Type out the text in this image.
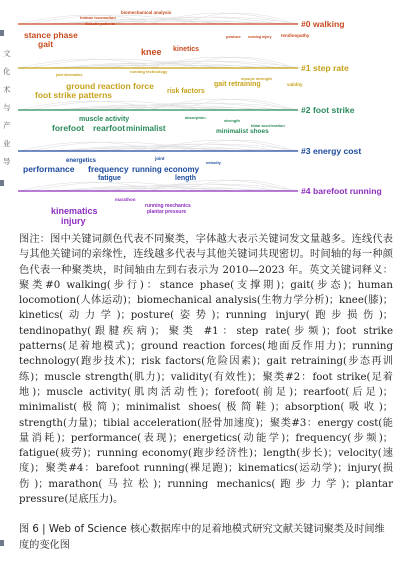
文
化
术
与
产
业
导
#0 walking
#1 step rate
#2 foot strike
#3 energy cost
#4 barefoot running
human locomotion
biomechanical analysis
stance phase
gait
diabetic patients
knee kinetics
posture running injury tendinopathy
joint kinematics
running technology
muscle strength
ground reaction force
risk factors
gait retraining	validity
foot strike patterns
absorption
strength
muscle activity
tibial acceleration
forefoot rearfoot minimalist	minimalist shoes
energetics	joint
velocity
performance frequency running economy
fatigue	length
marathon
running mechanics
plantar pressure
kinematics
injury
图注：图中关键词颜色代表不同聚类，字体越大表示关键词发文量越多。连线代表与其他关键词的亲缘性，连线越多代表与其他关键词共现密切。时间轴的每一种颜色代表一种聚类块，时间轴由左到右表示为 2010—2023 年。英文关键词释义：聚类#0 walking(步行)：stance phase(支撑期)；gait(步态)；human locomotion(人体运动)；biomechanical analysis(生物力学分析)；knee(膝)；kinetics(动力学)；posture(姿势)；running injury(跑步损伤)；tendinopathy(跟腱疾病)；聚类 #1：step rate(步频)；foot strike patterns(足着地模式)；ground reaction forces(地面反作用力)；running technology(跑步技术)；risk factors(危险因素)；gait retraining(步态再训练)；muscle strength(肌力)；validity(有效性)；聚类#2：foot strike(足着地)；muscle activity(肌肉活动性)；forefoot(前足)；rearfoot(后足)；minimalist(极简)；minimalist shoes(极简鞋)；absorption(吸收)；strength(力量)；tibial acceleration(胫骨加速度)；聚类#3：energy cost(能量消耗)；performance(表现)；energetics(动能学)；frequency(步频)；fatigue(疲劳)；running economy(跑步经济性)；length(步长)；velocity(速度)；聚类#4：barefoot running(裸足跑)；kinematics(运动学)；injury(损伤)；marathon(马拉松)；running mechanics(跑步力学)；plantar pressure(足底压力)。
图 6 | Web of Science 核心数据库中的足着地模式研究文献关键词聚类及时间维度的变化图
